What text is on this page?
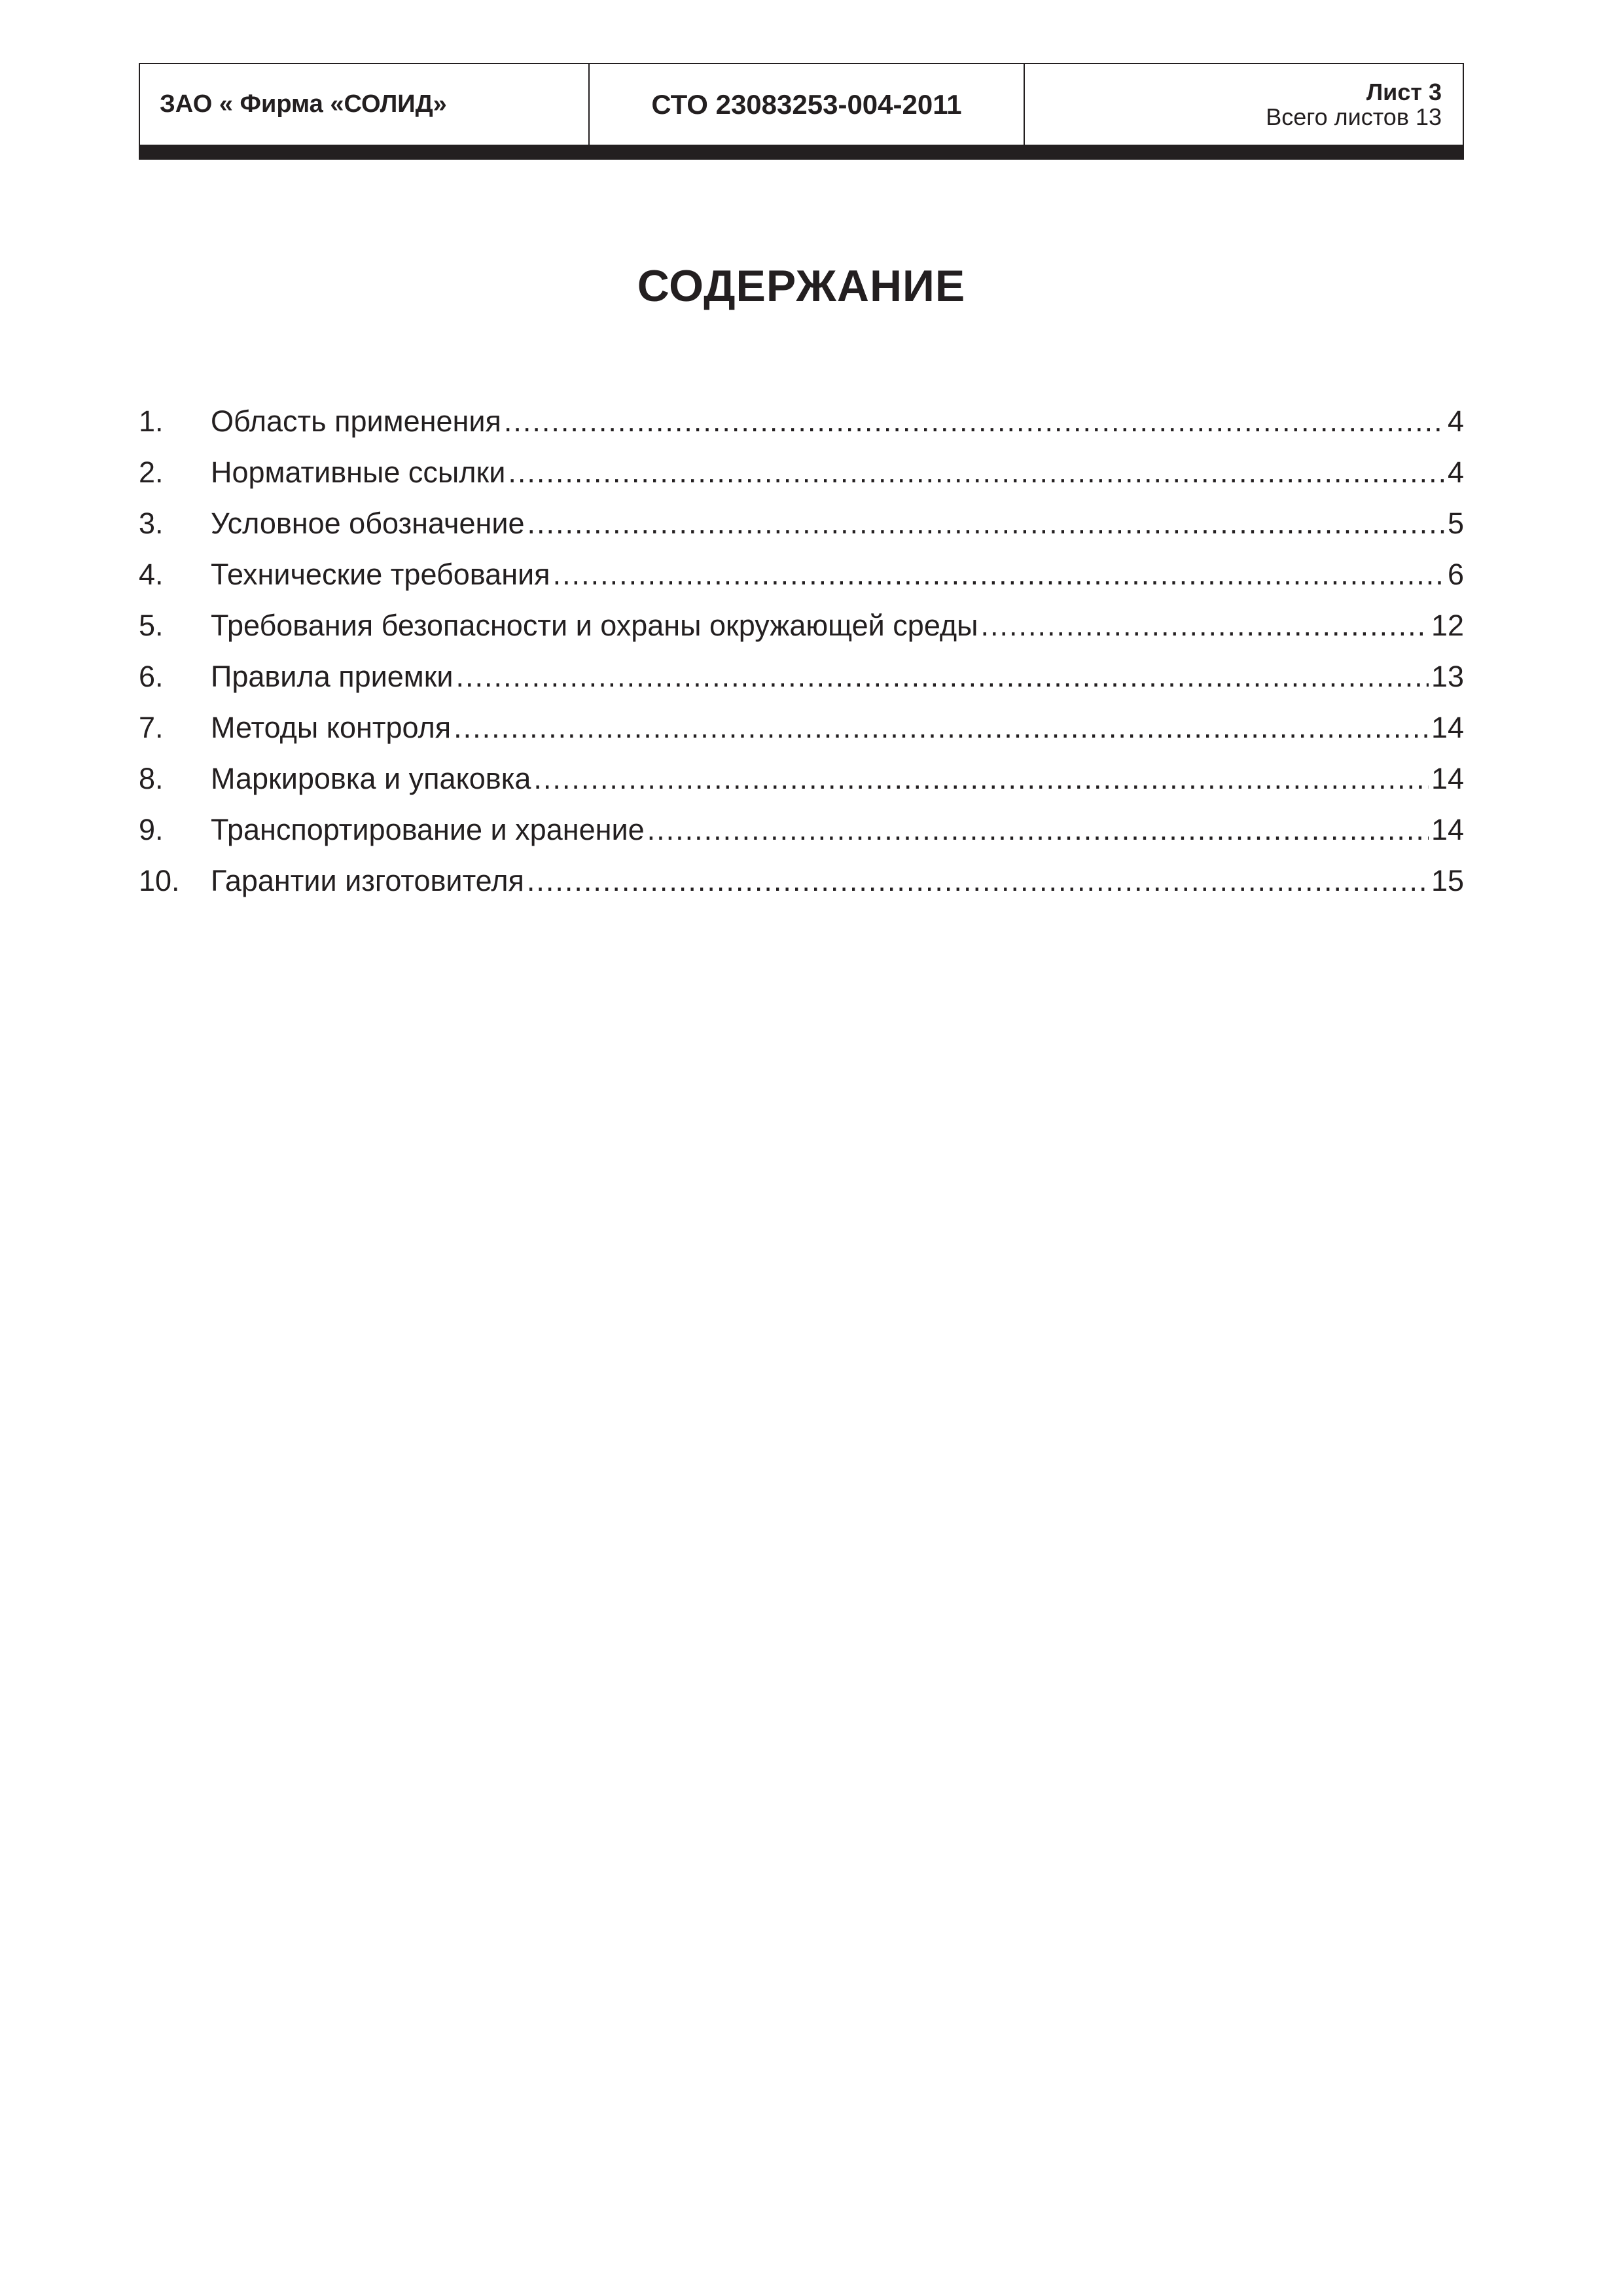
ЗАО « Фирма «СОЛИД»	СТО 23083253-004-2011	Лист 3
Всего листов 13
СОДЕРЖАНИЕ
1.	Область применения .....	4
2.	Нормативные ссылки .....	4
3.	Условное обозначение .....	5
4.	Технические требования .....	6
5.	Требования безопасности и охраны окружающей среды .....	12
6.	Правила приемки .....	13
7.	Методы контроля .....	14
8.	Маркировка и упаковка .....	14
9.	Транспортирование и хранение .....	14
10.	Гарантии изготовителя .....	15
